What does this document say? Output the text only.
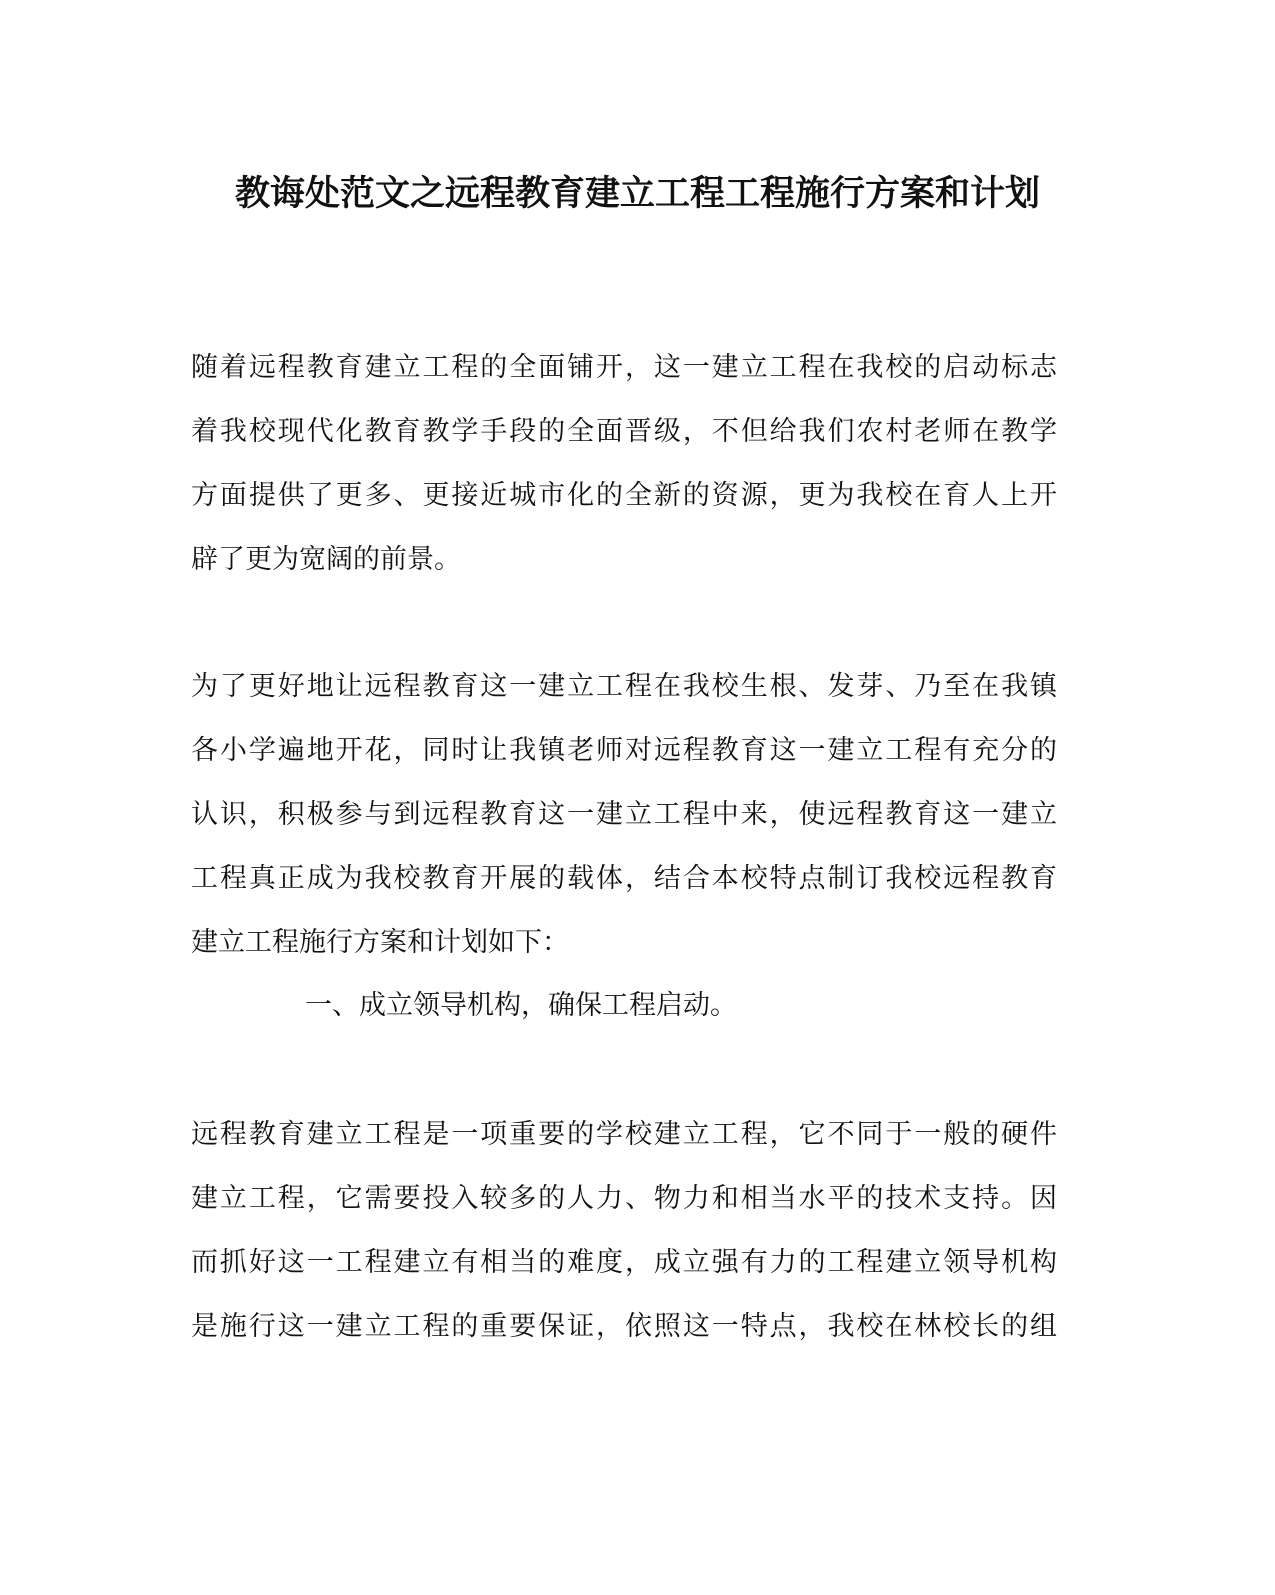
教诲处范文之远程教育建立工程工程施行方案和计划

随着远程教育建立工程的全面铺开，这一建立工程在我校的启动标志
着我校现代化教育教学手段的全面晋级，不但给我们农村老师在教学
方面提供了更多、更接近城市化的全新的资源，更为我校在育人上开
辟了更为宽阔的前景。

为了更好地让远程教育这一建立工程在我校生根、发芽、乃至在我镇
各小学遍地开花，同时让我镇老师对远程教育这一建立工程有充分的
认识，积极参与到远程教育这一建立工程中来，使远程教育这一建立
工程真正成为我校教育开展的载体，结合本校特点制订我校远程教育
建立工程施行方案和计划如下：

一、成立领导机构，确保工程启动。

远程教育建立工程是一项重要的学校建立工程，它不同于一般的硬件
建立工程，它需要投入较多的人力、物力和相当水平的技术支持。因
而抓好这一工程建立有相当的难度，成立强有力的工程建立领导机构
是施行这一建立工程的重要保证，依照这一特点，我校在林校长的组
